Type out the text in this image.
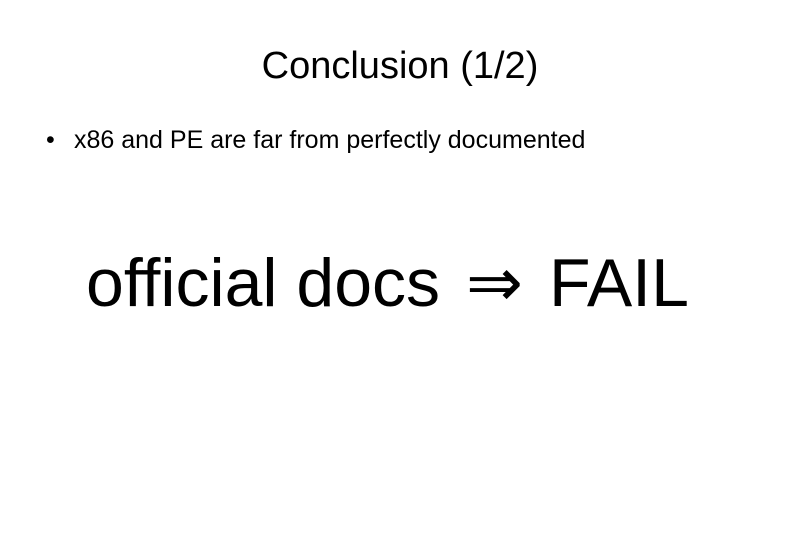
Conclusion (1/2)
• x86 and PE are far from perfectly documented
official docs ⇒ FAIL
